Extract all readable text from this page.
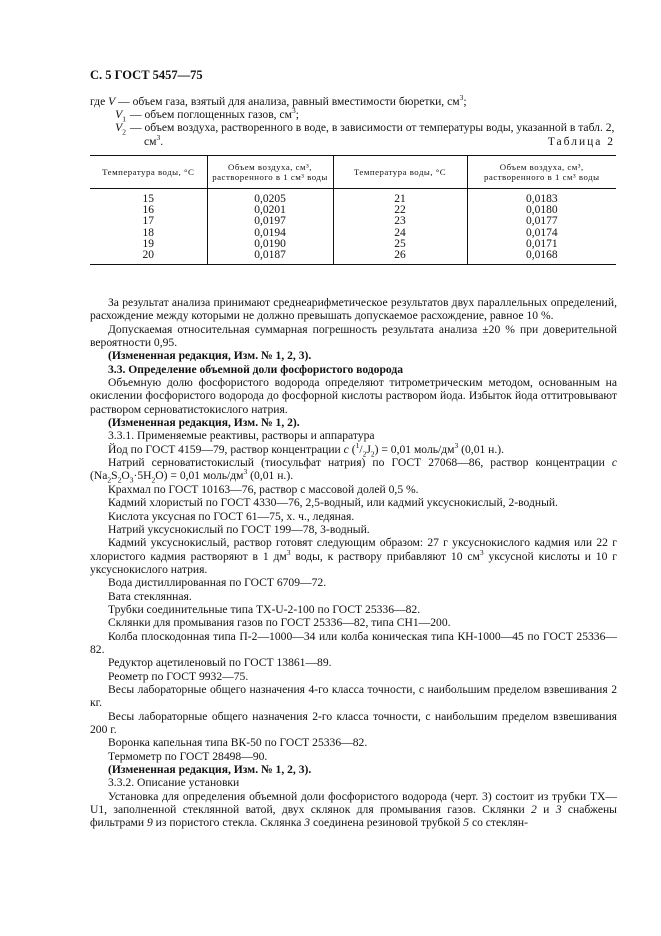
С. 5 ГОСТ 5457—75
где V — объем газа, взятый для анализа, равный вместимости бюретки, $см^3$;
$V_1$ — объем поглощенных газов, $см^3$;
$V_2$ — объем воздуха, растворенного в воде, в зависимости от температуры воды, указанной в табл. 2,
$см^3$.	Таблица 2
Температура воды, °С	Объем воздуха, см³,
растворенного в 1 см³ воды	Температура воды, °С	Объем воздуха, см³,
растворенного в 1 см³ воды
15	0,0205	21	0,0183
16	0,0201	22	0,0180
17	0,0197	23	0,0177
18	0,0194	24	0,0174
19	0,0190	25	0,0171
20	0,0187	26	0,0168

За результат анализа принимают среднеарифметическое результатов двух параллельных определений, расхождение между которыми не должно превышать допускаемое расхождение, равное 10 %.

Допускаемая относительная суммарная погрешность результата анализа ±20 % при доверительной вероятности 0,95.

(Измененная редакция, Изм. № 1, 2, 3).

3.3. Определение объемной доли фосфористого водорода

Объемную долю фосфористого водорода определяют титрометрическим методом, основанным на окислении фосфористого водорода до фосфорной кислоты раствором йода. Избыток йода оттитровывают раствором серноватистокислого натрия.

(Измененная редакция, Изм. № 1, 2).

3.3.1. Применяемые реактивы, растворы и аппаратура

Йод по ГОСТ 4159—79, раствор концентрации c $(^1/_2J_2) = 0,01$ моль/$дм^3$ (0,01 н.).

Натрий серноватистокислый (тиосульфат натрия) по ГОСТ 27068—86, раствор концентрации c $(Na_2S_2O_3\cdot 5H_2O) = 0,01$ моль/$дм^3$ (0,01 н.).

Крахмал по ГОСТ 10163—76, раствор с массовой долей 0,5 %.

Кадмий хлористый по ГОСТ 4330—76, 2,5-водный, или кадмий уксуснокислый, 2-водный.

Кислота уксусная по ГОСТ 61—75, х. ч., ледяная.

Натрий уксуснокислый по ГОСТ 199—78, 3-водный.

Кадмий уксуснокислый, раствор готовят следующим образом: 27 г уксуснокислого кадмия или 22 г хлористого кадмия растворяют в 1 $дм^3$ воды, к раствору прибавляют 10 $см^3$ уксусной кислоты и 10 г уксуснокислого натрия.

Вода дистиллированная по ГОСТ 6709—72.

Вата стеклянная.

Трубки соединительные типа ТХ-U-2-100 по ГОСТ 25336—82.

Склянки для промывания газов по ГОСТ 25336—82, типа СН1—200.

Колба плоскодонная типа П-2—1000—34 или колба коническая типа КН-1000—45 по ГОСТ 25336—82.

Редуктор ацетиленовый по ГОСТ 13861—89.

Реометр по ГОСТ 9932—75.

Весы лабораторные общего назначения 4-го класса точности, с наибольшим пределом взвешивания 2 кг.

Весы лабораторные общего назначения 2-го класса точности, с наибольшим пределом взвешивания 200 г.

Воронка капельная типа ВК-50 по ГОСТ 25336—82.

Термометр по ГОСТ 28498—90.

(Измененная редакция, Изм. № 1, 2, 3).

3.3.2. Описание установки

Установка для определения объемной доли фосфористого водорода (черт. 3) состоит из трубки ТХ—U1, заполненной стеклянной ватой, двух склянок для промывания газов. Склянки 2 и 3 снабжены фильтрами 9 из пористого стекла. Склянка 3 соединена резиновой трубкой 5 со стеклян-
